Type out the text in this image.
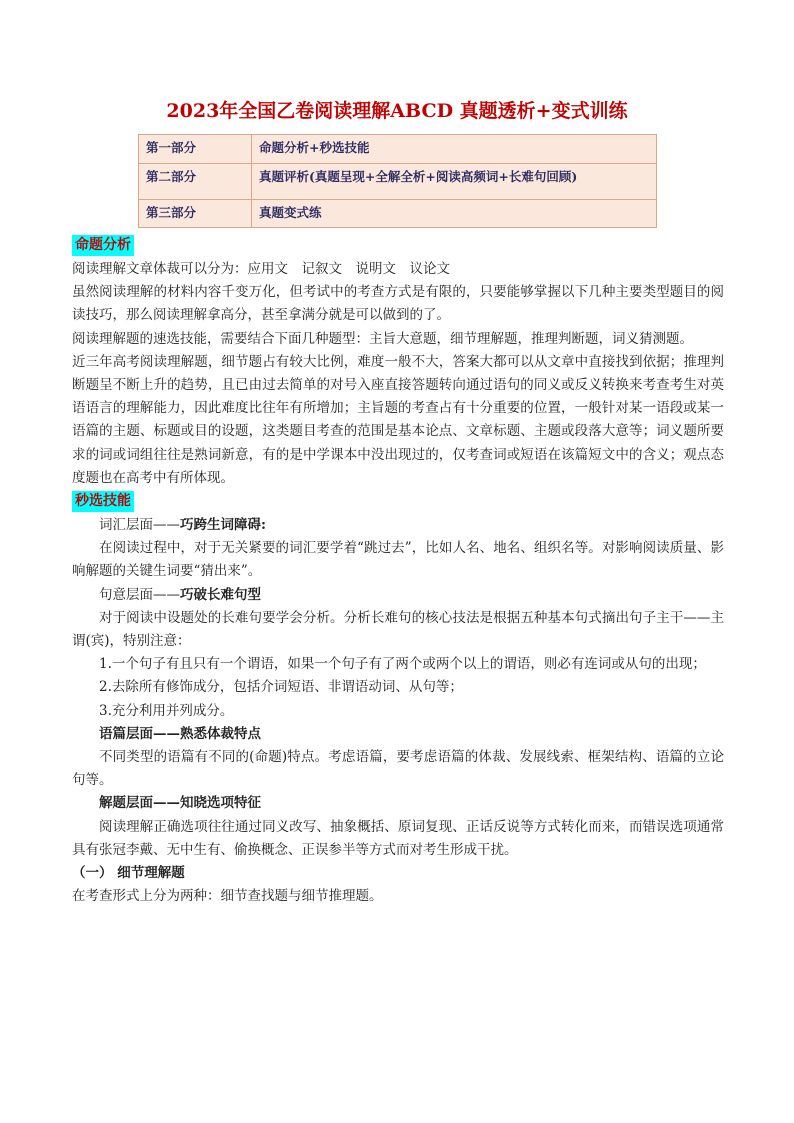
2023年全国乙卷阅读理解ABCD 真题透析+变式训练
第一部分	命题分析+秒选技能
第二部分	真题评析(真题呈现+全解全析+阅读高频词+长难句回顾)
第三部分	真题变式练

命题分析

阅读理解文章体裁可以分为：应用文　记叙文　说明文　议论文

虽然阅读理解的材料内容千变万化，但考试中的考查方式是有限的，只要能够掌握以下几种主要类型题目的阅读技巧，那么阅读理解拿高分，甚至拿满分就是可以做到的了。

阅读理解题的速选技能，需要结合下面几种题型：主旨大意题，细节理解题，推理判断题，词义猜测题。

近三年高考阅读理解题，细节题占有较大比例，难度一般不大，答案大都可以从文章中直接找到依据；推理判断题呈不断上升的趋势，且已由过去简单的对号入座直接答题转向通过语句的同义或反义转换来考查考生对英语语言的理解能力，因此难度比往年有所增加；主旨题的考查占有十分重要的位置，一般针对某一语段或某一语篇的主题、标题或目的设题，这类题目考查的范围是基本论点、文章标题、主题或段落大意等；词义题所要求的词或词组往往是熟词新意，有的是中学课本中没出现过的，仅考查词或短语在该篇短文中的含义；观点态度题也在高考中有所体现。

秒选技能

词汇层面——巧跨生词障碍:

在阅读过程中，对于无关紧要的词汇要学着“跳过去”，比如人名、地名、组织名等。对影响阅读质量、影响解题的关键生词要“猜出来”。

句意层面——巧破长难句型

对于阅读中设题处的长难句要学会分析。分析长难句的核心技法是根据五种基本句式摘出句子主干——主谓(宾)，特别注意：

1.一个句子有且只有一个谓语，如果一个句子有了两个或两个以上的谓语，则必有连词或从句的出现；

2.去除所有修饰成分，包括介词短语、非谓语动词、从句等；

3.充分利用并列成分。

语篇层面——熟悉体裁特点

不同类型的语篇有不同的(命题)特点。考虑语篇，要考虑语篇的体裁、发展线索、框架结构、语篇的立论句等。

解题层面——知晓选项特征

阅读理解正确选项往往通过同义改写、抽象概括、原词复现、正话反说等方式转化而来，而错误选项通常具有张冠李戴、无中生有、偷换概念、正误参半等方式而对考生形成干扰。

（一） 细节理解题

在考查形式上分为两种：细节查找题与细节推理题。
